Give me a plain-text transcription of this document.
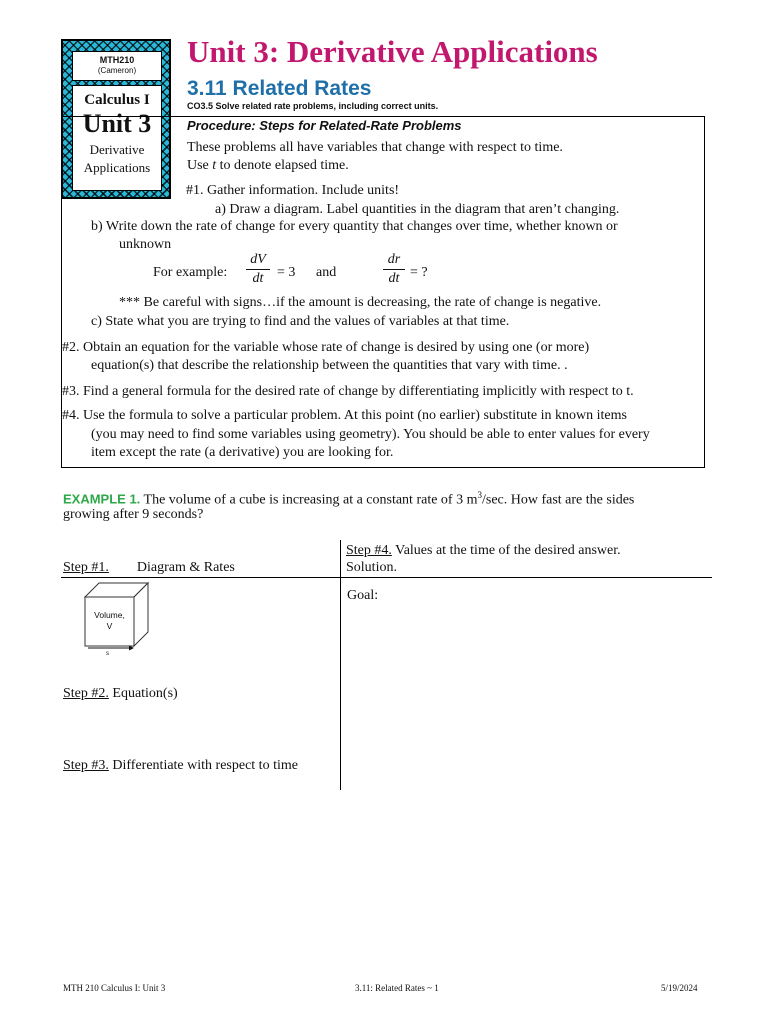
MTH210
(Cameron)
Calculus I
Unit 3
Derivative
Applications
Unit 3: Derivative Applications
3.11 Related Rates
CO3.5 Solve related rate problems, including correct units.
Procedure: Steps for Related-Rate Problems
These problems all have variables that change with respect to time.
Use t to denote elapsed time.
#1. Gather information. Include units!
a) Draw a diagram. Label quantities in the diagram that aren’t changing.
b) Write down the rate of change for every quantity that changes over time, whether known or
unknown
For example:
dV
dt = 3 and
dr
dt = ?
*** Be careful with signs…if the amount is decreasing, the rate of change is negative.
c) State what you are trying to find and the values of variables at that time.
#2. Obtain an equation for the variable whose rate of change is desired by using one (or more)
equation(s) that describe the relationship between the quantities that vary with time. .
#3. Find a general formula for the desired rate of change by differentiating implicitly with respect to t.
#4. Use the formula to solve a particular problem. At this point (no earlier) substitute in known items
(you may need to find some variables using geometry). You should be able to enter values for every
item except the rate (a derivative) you are looking for.
EXAMPLE 1. The volume of a cube is increasing at a constant rate of 3 $m^3/\sec$. How fast are the sides
growing after 9 seconds?
Step #4. Values at the time of the desired answer.
Solution.
Step #1. Diagram & Rates
Goal:
Volume,
V
s
Step #2. Equation(s)
Step #3. Differentiate with respect to time
MTH 210 Calculus I: Unit 3	3.11: Related Rates ~ 1	5/19/2024
